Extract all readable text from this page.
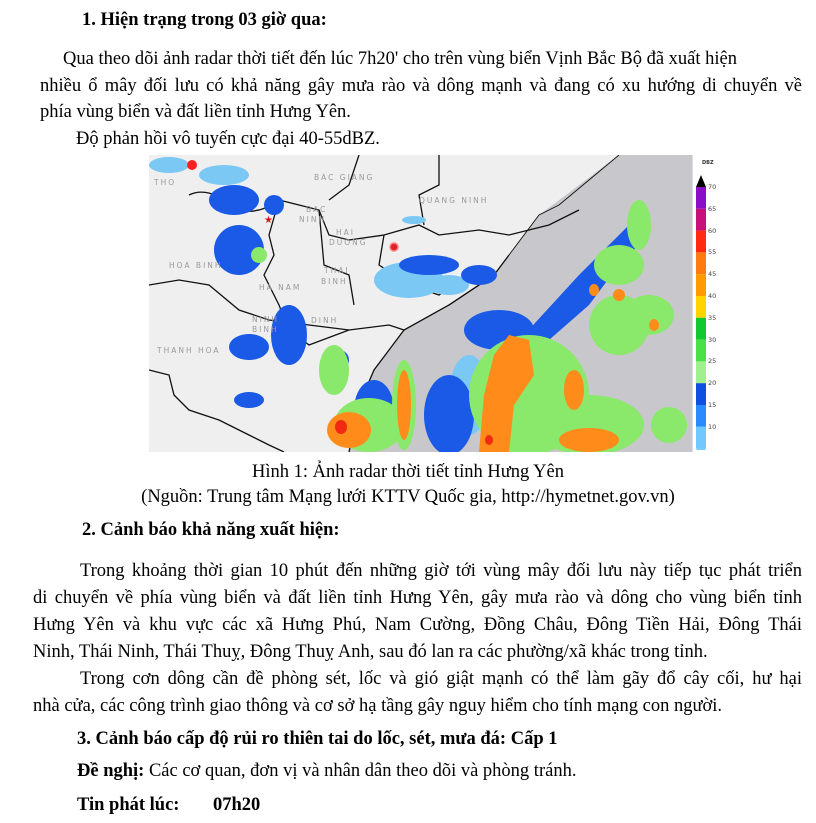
1. Hiện trạng trong 03 giờ qua:
Qua theo dõi ảnh radar thời tiết đến lúc 7h20' cho trên vùng biển Vịnh Bắc Bộ đã xuất hiện
nhiều ổ mây đối lưu có khả năng gây mưa rào và dông mạnh và đang có xu hướng di chuyển về
phía vùng biển và đất liền tỉnh Hưng Yên.
Độ phản hồi vô tuyến cực đại 40-55dBZ.
★
THO
BAC GIANG
BAC
NINH
HAI
DUONG
QUANG NINH
HOA BINH
THAI
BINH
HA NAM
NINH
BINH
DINH
THANH HOA
DBZ
70
65
60
55
45
40
35
30
25
20
15
10
Hình 1: Ảnh radar thời tiết tỉnh Hưng Yên
(Nguồn: Trung tâm Mạng lưới KTTV Quốc gia, http://hymetnet.gov.vn)
2. Cảnh báo khả năng xuất hiện:
Trong khoảng thời gian 10 phút đến những giờ tới vùng mây đối lưu này tiếp tục phát triển
di chuyển về phía vùng biển và đất liền tỉnh Hưng Yên, gây mưa rào và dông cho vùng biển tỉnh
Hưng Yên và khu vực các xã Hưng Phú, Nam Cường, Đồng Châu, Đông Tiền Hải, Đông Thái
Ninh, Thái Ninh, Thái Thuỵ, Đông Thuỵ Anh, sau đó lan ra các phường/xã khác trong tỉnh.
Trong cơn dông cần đề phòng sét, lốc và gió giật mạnh có thể làm gãy đổ cây cối, hư hại
nhà cửa, các công trình giao thông và cơ sở hạ tầng gây nguy hiểm cho tính mạng con người.
3. Cảnh báo cấp độ rủi ro thiên tai do lốc, sét, mưa đá: Cấp 1
Đề nghị: Các cơ quan, đơn vị và nhân dân theo dõi và phòng tránh.
Tin phát lúc: 07h20
